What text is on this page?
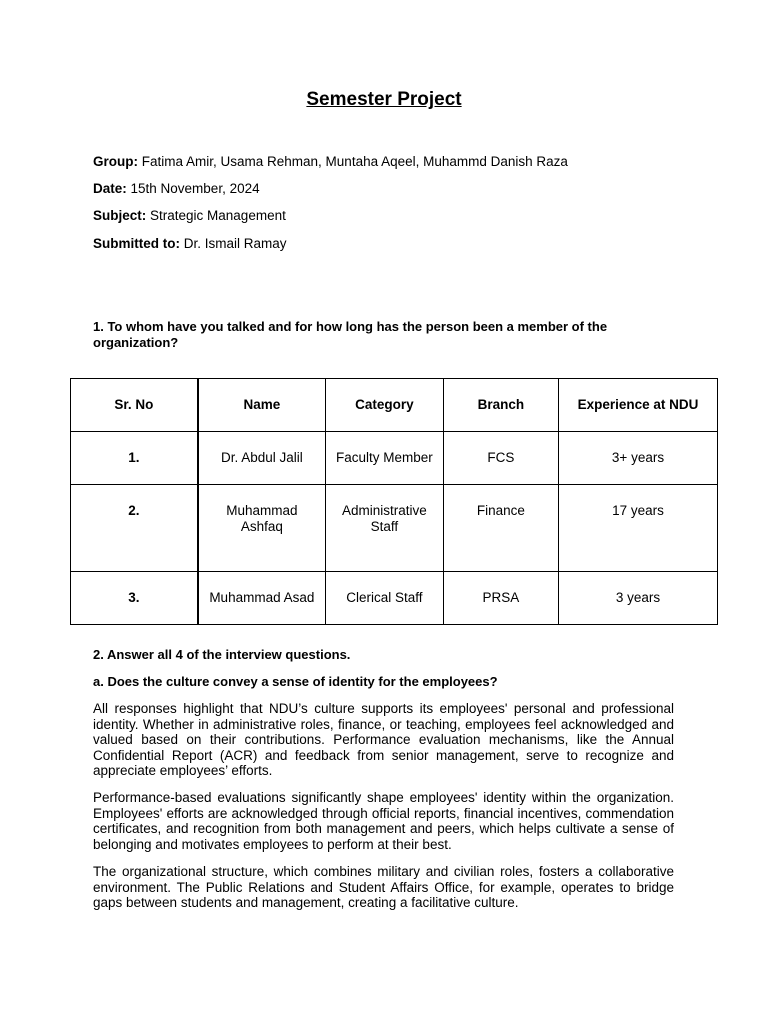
Semester Project

Group: Fatima Amir, Usama Rehman, Muntaha Aqeel, Muhammd Danish Raza

Date: 15th November, 2024

Subject: Strategic Management

Submitted to: Dr. Ismail Ramay

1. To whom have you talked and for how long has the person been a member of the organization?

Sr. No	Name	Category	Branch	Experience at NDU
1.	Dr. Abdul Jalil	Faculty Member	FCS	3+ years
2.	Muhammad Ashfaq	Administrative Staff	Finance	17 years
3.	Muhammad Asad	Clerical Staff	PRSA	3 years

2. Answer all 4 of the interview questions.

a. Does the culture convey a sense of identity for the employees?

All responses highlight that NDU’s culture supports its employees' personal and professional identity. Whether in administrative roles, finance, or teaching, employees feel acknowledged and valued based on their contributions. Performance evaluation mechanisms, like the Annual Confidential Report (ACR) and feedback from senior management, serve to recognize and appreciate employees’ efforts.

Performance-based evaluations significantly shape employees' identity within the organization. Employees' efforts are acknowledged through official reports, financial incentives, commendation certificates, and recognition from both management and peers, which helps cultivate a sense of belonging and motivates employees to perform at their best.

The organizational structure, which combines military and civilian roles, fosters a collaborative environment. The Public Relations and Student Affairs Office, for example, operates to bridge gaps between students and management, creating a facilitative culture.
